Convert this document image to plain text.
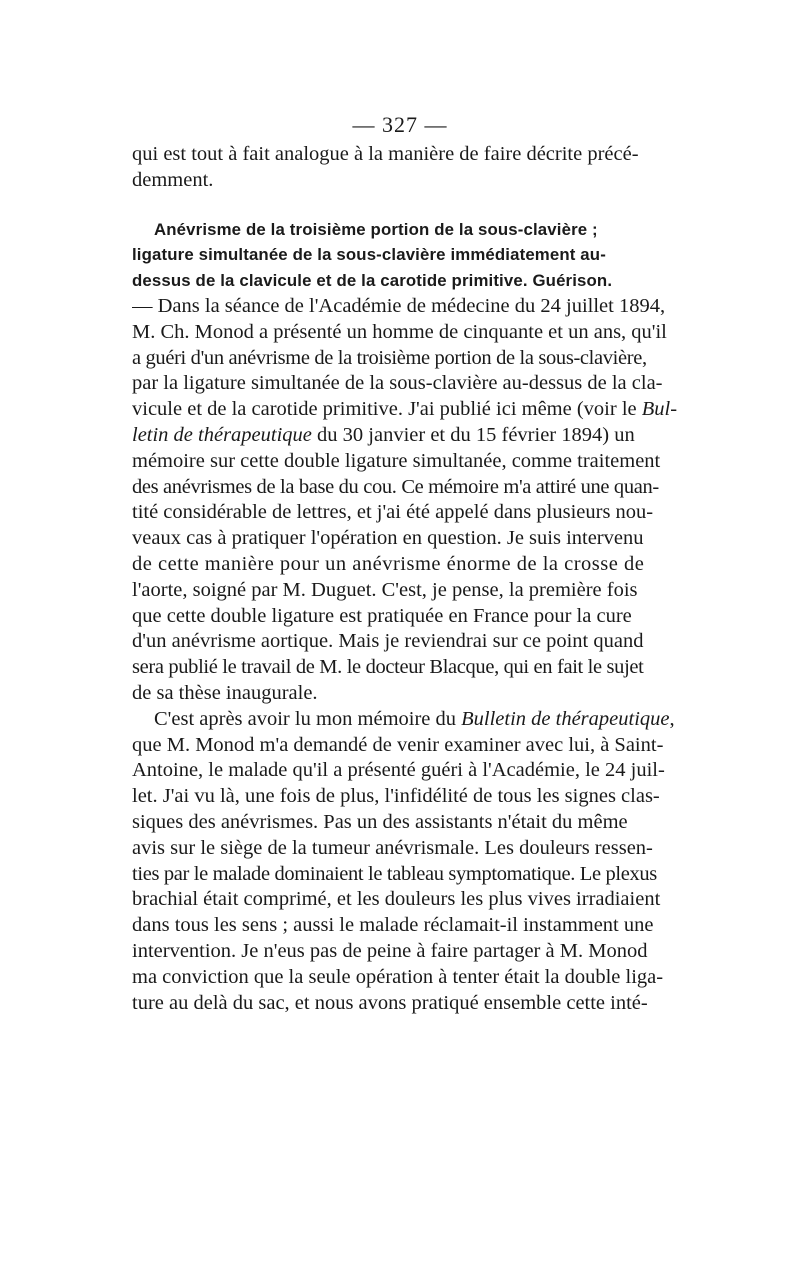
— 327 —
qui est tout à fait analogue à la manière de faire décrite précé-
demment.
Anévrisme de la troisième portion de la sous-clavière ;
ligature simultanée de la sous-clavière immédiatement au-
dessus de la clavicule et de la carotide primitive. Guérison.
— Dans la séance de l'Académie de médecine du 24 juillet 1894,
M. Ch. Monod a présenté un homme de cinquante et un ans, qu'il
a guéri d'un anévrisme de la troisième portion de la sous-clavière,
par la ligature simultanée de la sous-clavière au-dessus de la cla-
vicule et de la carotide primitive. J'ai publié ici même (voir le Bul-
letin de thérapeutique du 30 janvier et du 15 février 1894) un
mémoire sur cette double ligature simultanée, comme traitement
des anévrismes de la base du cou. Ce mémoire m'a attiré une quan-
tité considérable de lettres, et j'ai été appelé dans plusieurs nou-
veaux cas à pratiquer l'opération en question. Je suis intervenu
de cette manière pour un anévrisme énorme de la crosse de
l'aorte, soigné par M. Duguet. C'est, je pense, la première fois
que cette double ligature est pratiquée en France pour la cure
d'un anévrisme aortique. Mais je reviendrai sur ce point quand
sera publié le travail de M. le docteur Blacque, qui en fait le sujet
de sa thèse inaugurale.
C'est après avoir lu mon mémoire du Bulletin de thérapeutique,
que M. Monod m'a demandé de venir examiner avec lui, à Saint-
Antoine, le malade qu'il a présenté guéri à l'Académie, le 24 juil-
let. J'ai vu là, une fois de plus, l'infidélité de tous les signes clas-
siques des anévrismes. Pas un des assistants n'était du même
avis sur le siège de la tumeur anévrismale. Les douleurs ressen-
ties par le malade dominaient le tableau symptomatique. Le plexus
brachial était comprimé, et les douleurs les plus vives irradiaient
dans tous les sens ; aussi le malade réclamait-il instamment une
intervention. Je n'eus pas de peine à faire partager à M. Monod
ma conviction que la seule opération à tenter était la double liga-
ture au delà du sac, et nous avons pratiqué ensemble cette inté-
